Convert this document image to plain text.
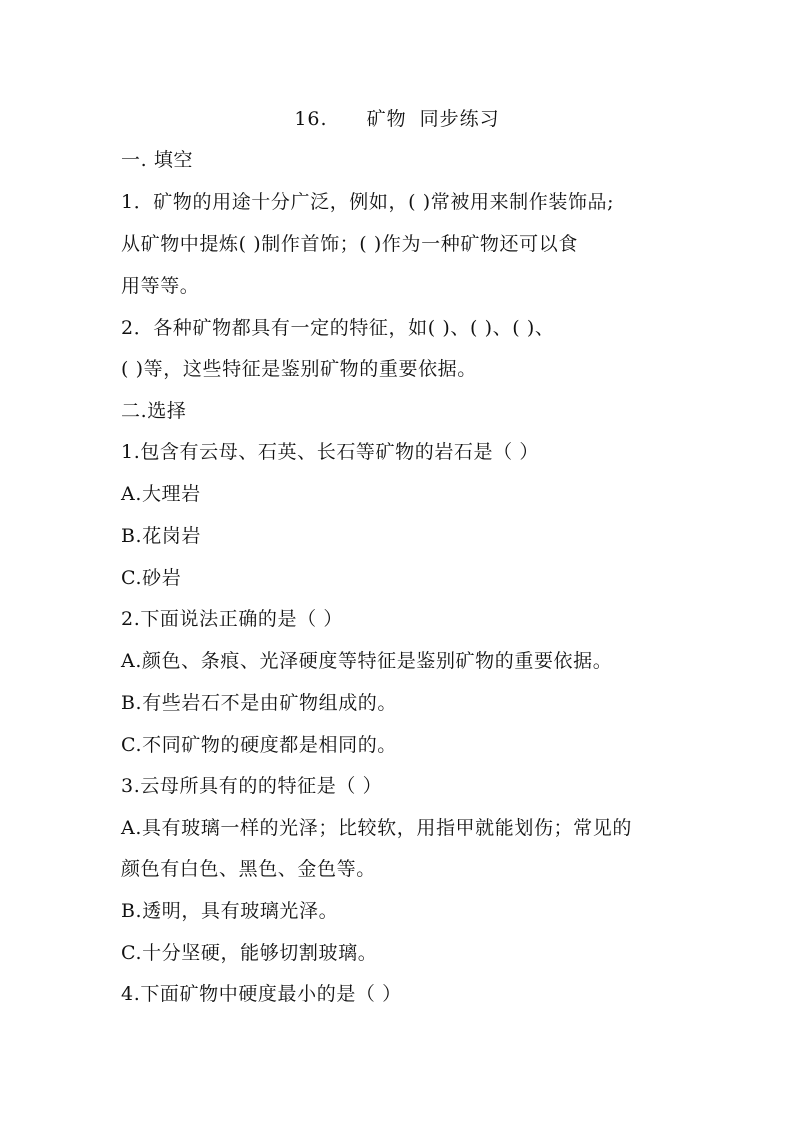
16.   矿物 同步练习
一. 填空
1．矿物的用途十分广泛，例如，( )常被用来制作装饰品;
从矿物中提炼( )制作首饰；( )作为一种矿物还可以食
用等等。
2．各种矿物都具有一定的特征，如( )、( )、( )、
( )等，这些特征是鉴别矿物的重要依据。
二.选择
1.包含有云母、石英、长石等矿物的岩石是（ ）
A.大理岩
B.花岗岩
C.砂岩
2.下面说法正确的是（ ）
A.颜色、条痕、光泽硬度等特征是鉴别矿物的重要依据。
B.有些岩石不是由矿物组成的。
C.不同矿物的硬度都是相同的。
3.云母所具有的的特征是（ ）
A.具有玻璃一样的光泽；比较软，用指甲就能划伤；常见的
颜色有白色、黑色、金色等。
B.透明，具有玻璃光泽。
C.十分坚硬，能够切割玻璃。
4.下面矿物中硬度最小的是（ ）
